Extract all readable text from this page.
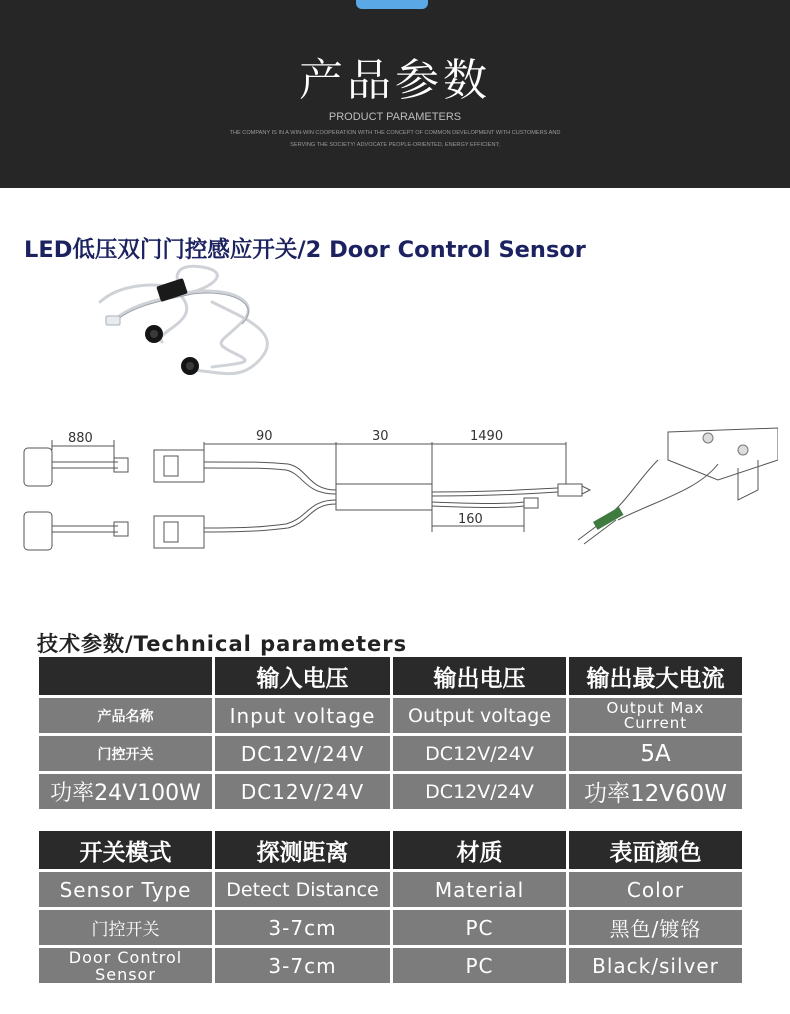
产品参数
PRODUCT PARAMETERS
THE COMPANY IS IN A WIN-WIN COOPERATION WITH THE CONCEPT OF COMMON DEVELOPMENT WITH CUSTOMERS AND
SERVING THE SOCIETY! ADVOCATE PEOPLE-ORIENTED, ENERGY EFFICIENT;
LED低压双门门控感应开关/2 Door Control Sensor
880	90	30	1490
160
技术参数/Technical parameters
	输入电压	输出电压	输出最大电流
产品名称	Input voltage	Output voltage	Output Max Current

门控开关	DC12V/24V	DC12V/24V	5A
功率24V100W	DC12V/24V	DC12V/24V	功率12V60W
开关模式	探测距离	材质	表面颜色
Sensor Type	Detect Distance	Material	Color
门控开关	3-7cm	PC	黑色/镀铬

Door Control Sensor	3-7cm	PC	Black/silver
